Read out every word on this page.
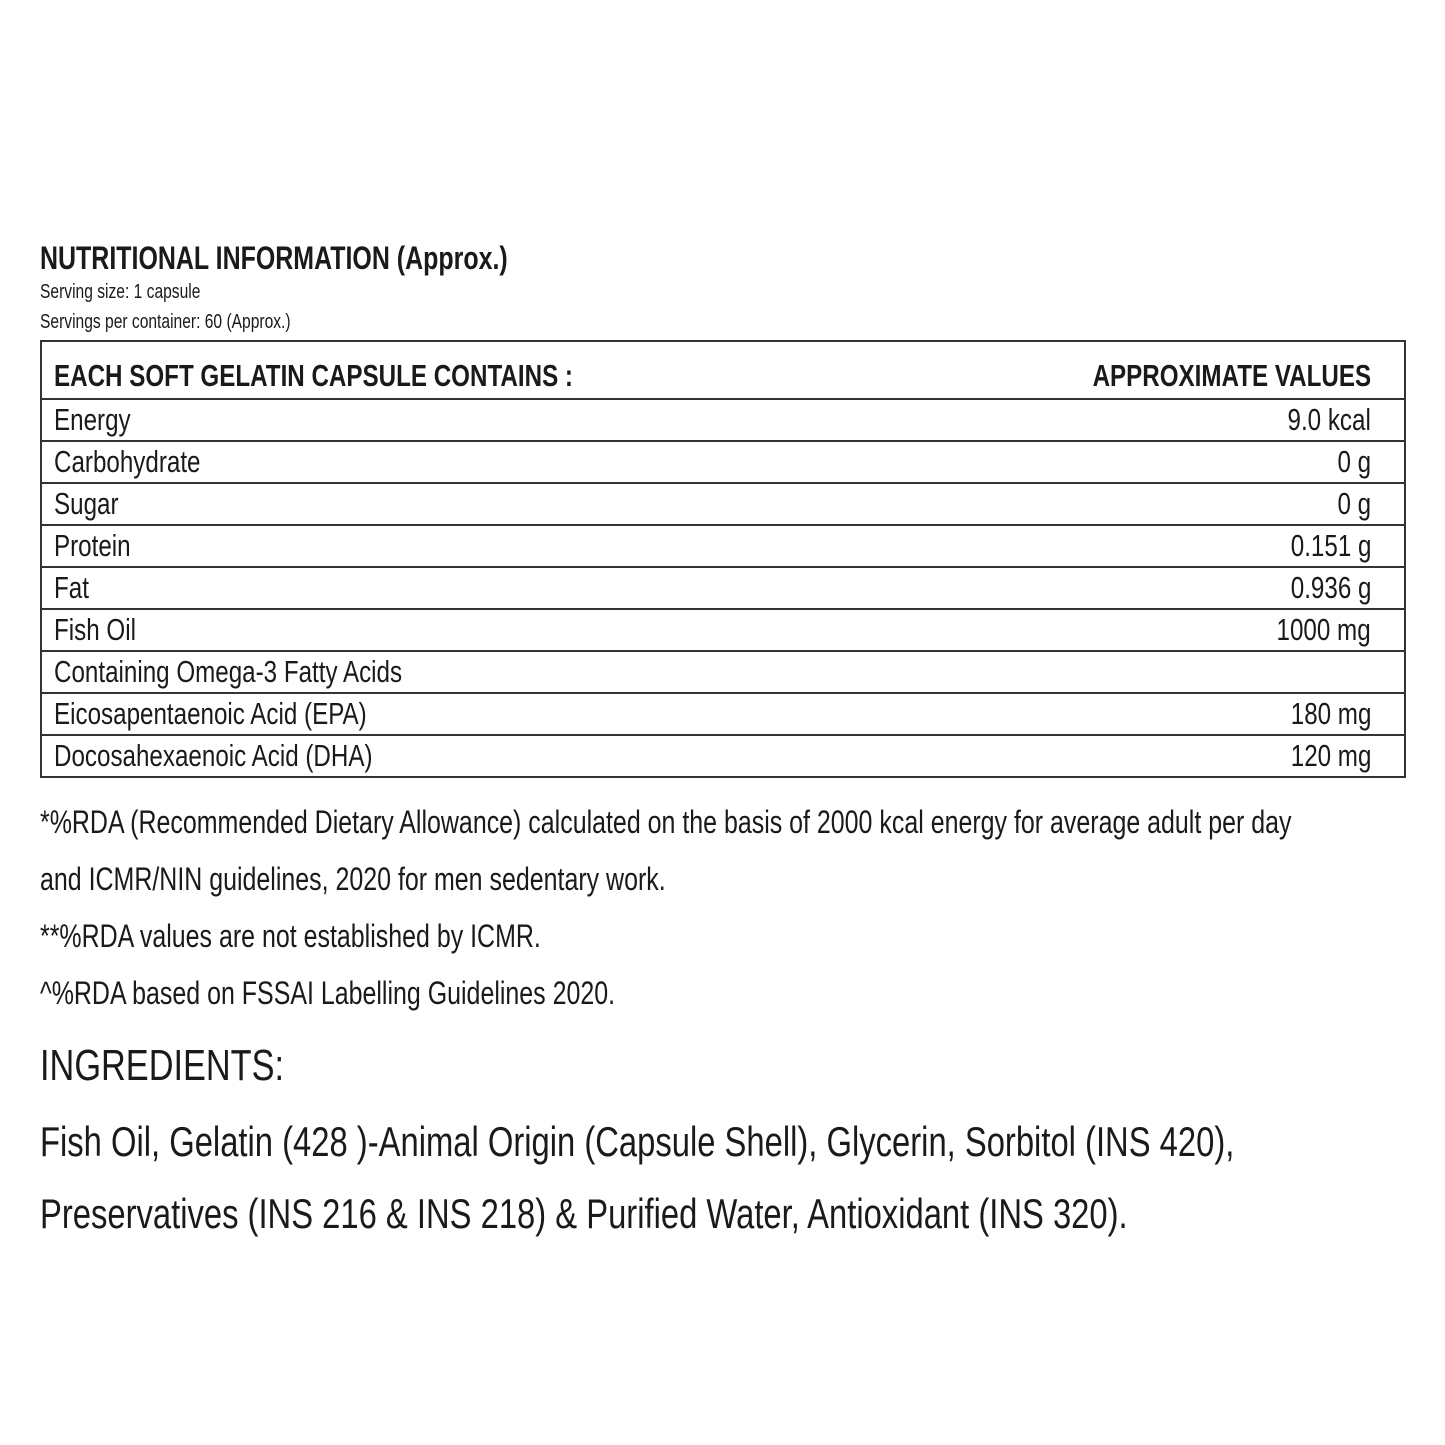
NUTRITIONAL INFORMATION (Approx.)
Serving size: 1 capsule
Servings per container: 60 (Approx.)
EACH SOFT GELATIN CAPSULE CONTAINS :	APPROXIMATE VALUES
Energy	9.0 kcal
Carbohydrate	0 g
Sugar	0 g
Protein	0.151 g
Fat	0.936 g
Fish Oil	1000 mg
Containing Omega-3 Fatty Acids	
Eicosapentaenoic Acid (EPA)	180 mg
Docosahexaenoic Acid (DHA)	120 mg
*%RDA (Recommended Dietary Allowance) calculated on the basis of 2000 kcal energy for average adult per day
and ICMR/NIN guidelines, 2020 for men sedentary work.
**%RDA values are not established by ICMR.
^%RDA based on FSSAI Labelling Guidelines 2020.
INGREDIENTS:
Fish Oil, Gelatin (428 )-Animal Origin (Capsule Shell), Glycerin, Sorbitol (INS 420),
Preservatives (INS 216 & INS 218) & Purified Water, Antioxidant (INS 320).
